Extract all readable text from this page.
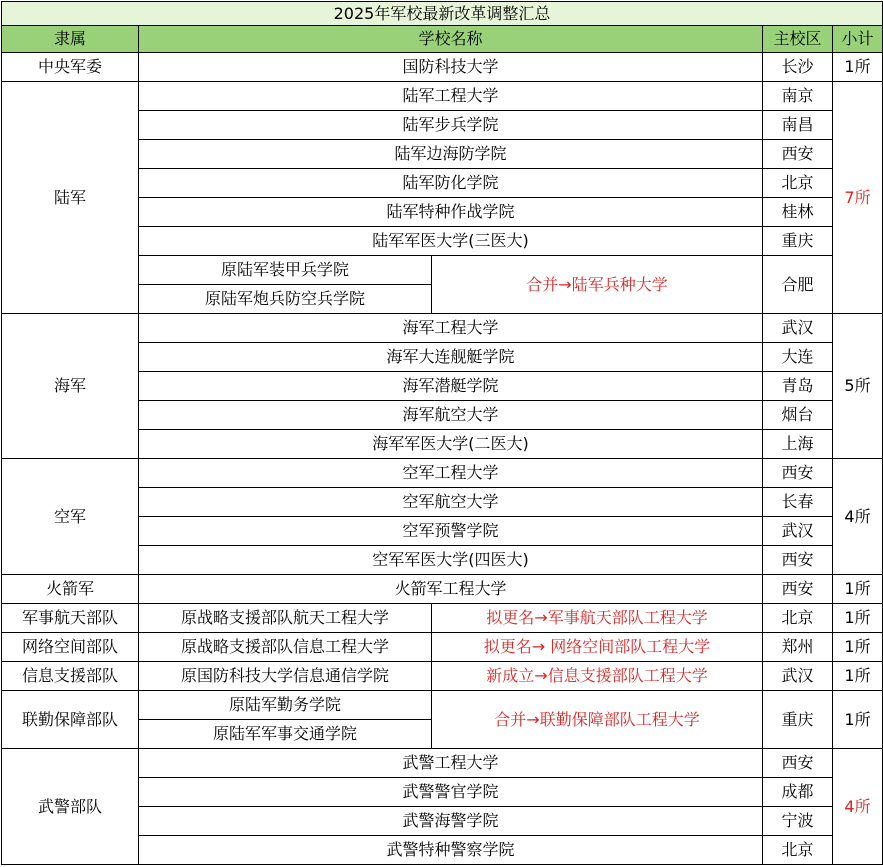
2025年军校最新改革调整汇总				
隶属	学校名称		主校区	小计
中央军委	国防科技大学		长沙	1所
陆军	陆军工程大学		南京	7所
	陆军步兵学院		南昌	
	陆军边海防学院		西安	
	陆军防化学院		北京	
	陆军特种作战学院		桂林	
	陆军军医大学(三医大)		重庆	
	原陆军装甲兵学院	合并→陆军兵种大学	合肥	
	原陆军炮兵防空兵学院			
海军	海军工程大学		武汉	5所
	海军大连舰艇学院		大连	
	海军潜艇学院		青岛	
	海军航空大学		烟台	
	海军军医大学(二医大)		上海	
空军	空军工程大学		西安	4所
	空军航空大学		长春	
	空军预警学院		武汉	
	空军军医大学(四医大)		西安	
火箭军	火箭军工程大学		西安	1所
军事航天部队	原战略支援部队航天工程大学	拟更名→军事航天部队工程大学	北京	1所
网络空间部队	原战略支援部队信息工程大学	拟更名→ 网络空间部队工程大学	郑州	1所
信息支援部队	原国防科技大学信息通信学院	新成立→信息支援部队工程大学	武汉	1所
联勤保障部队	原陆军勤务学院	合并→联勤保障部队工程大学	重庆	1所
	原陆军军事交通学院			
武警部队	武警工程大学		西安	4所
	武警警官学院		成都	
	武警海警学院		宁波	
	武警特种警察学院		北京	
